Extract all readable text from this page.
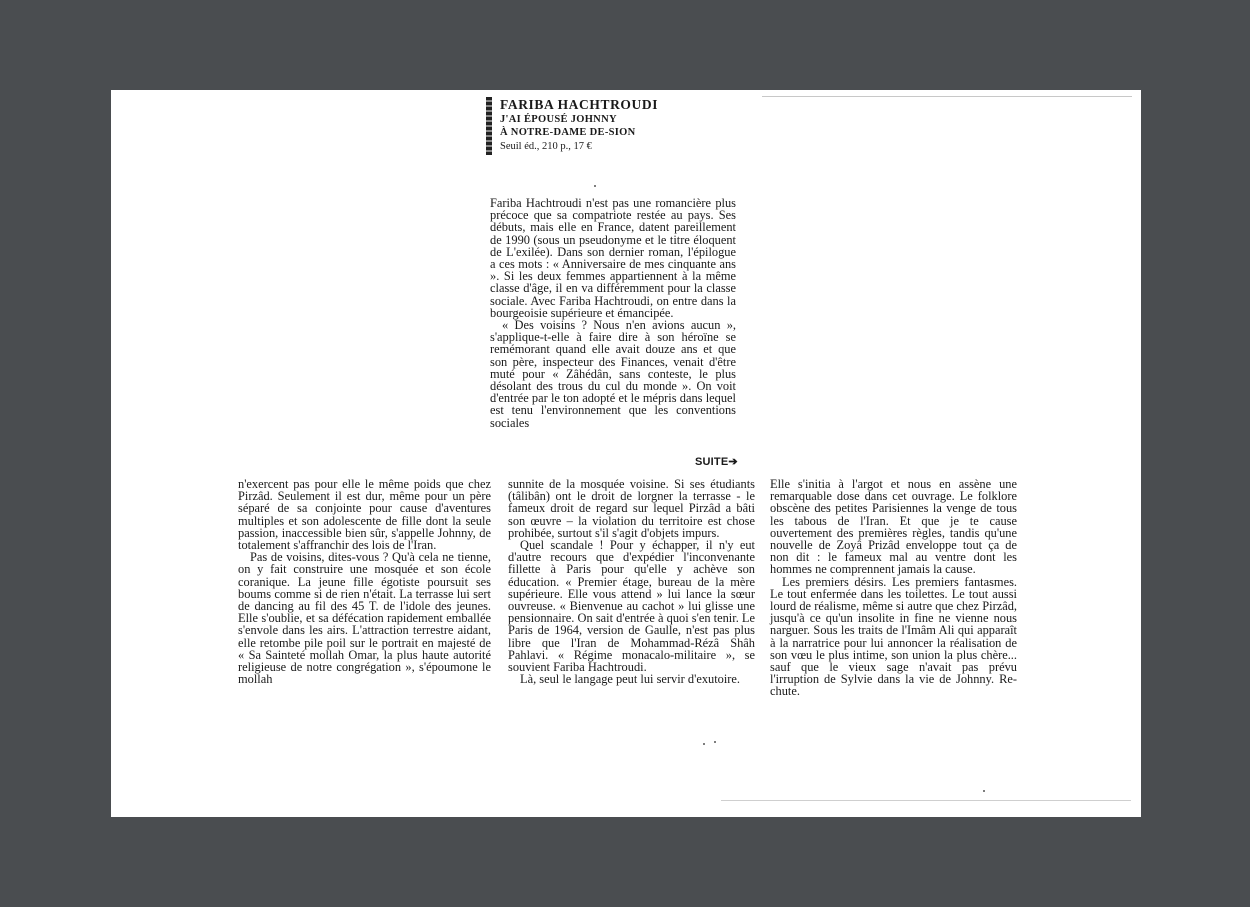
FARIBA HACHTROUDI
J'AI ÉPOUSÉ JOHNNY
À NOTRE-DAME DE-SION
Seuil éd., 210 p., 17 €

Fariba Hachtroudi n'est pas une romancière plus précoce que sa compatriote restée au pays. Ses débuts, mais elle en France, datent pareillement de 1990 (sous un pseudonyme et le titre éloquent de L'exilée). Dans son dernier roman, l'épilogue a ces mots : « Anniversaire de mes cinquante ans ». Si les deux femmes appartiennent à la même classe d'âge, il en va différemment pour la classe sociale. Avec Fariba Hachtroudi, on entre dans la bourgeoisie supérieure et émancipée.

« Des voisins ? Nous n'en avions aucun », s'applique-t-elle à faire dire à son héroïne se remémorant quand elle avait douze ans et que son père, inspecteur des Finances, venait d'être muté pour « Zâhédân, sans conteste, le plus désolant des trous du cul du monde ». On voit d'entrée par le ton adopté et le mépris dans lequel est tenu l'environnement que les conventions sociales

SUITE➔

n'exercent pas pour elle le même poids que chez Pirzâd. Seulement il est dur, même pour un père séparé de sa conjointe pour cause d'aventures multiples et son adolescente de fille dont la seule passion, inaccessible bien sûr, s'appelle Johnny, de totalement s'affranchir des lois de l'Iran.

Pas de voisins, dites-vous ? Qu'à cela ne tienne, on y fait construire une mosquée et son école coranique. La jeune fille égotiste poursuit ses boums comme si de rien n'était. La terrasse lui sert de dancing au fil des 45 T. de l'idole des jeunes. Elle s'oublie, et sa défécation rapidement emballée s'envole dans les airs. L'attraction terrestre aidant, elle retombe pile poil sur le portrait en majesté de « Sa Sainteté mollah Omar, la plus haute autorité religieuse de notre congrégation », s'époumone le mollah

sunnite de la mosquée voisine. Si ses étudiants (tâlibân) ont le droit de lorgner la terrasse - le fameux droit de regard sur lequel Pirzâd a bâti son œuvre – la violation du territoire est chose prohibée, surtout s'il s'agit d'objets impurs.

Quel scandale ! Pour y échapper, il n'y eut d'autre recours que d'expédier l'inconvenante fillette à Paris pour qu'elle y achève son éducation. « Premier étage, bureau de la mère supérieure. Elle vous attend » lui lance la sœur ouvreuse. « Bienvenue au cachot » lui glisse une pensionnaire. On sait d'entrée à quoi s'en tenir. Le Paris de 1964, version de Gaulle, n'est pas plus libre que l'Iran de Mohammad-Rézâ Shâh Pahlavi. « Régime monacalo-militaire », se souvient Fariba Hachtroudi.

Là, seul le langage peut lui servir d'exutoire.

Elle s'initia à l'argot et nous en assène une remarquable dose dans cet ouvrage. Le folklore obscène des petites Parisiennes la venge de tous les tabous de l'Iran. Et que je te cause ouvertement des premières règles, tandis qu'une nouvelle de Zoyâ Prizâd enveloppe tout ça de non dit : le fameux mal au ventre dont les hommes ne comprennent jamais la cause.

Les premiers désirs. Les premiers fantasmes. Le tout enfermée dans les toilettes. Le tout aussi lourd de réalisme, même si autre que chez Pirzâd, jusqu'à ce qu'un insolite in fine ne vienne nous narguer. Sous les traits de l'Imâm Ali qui apparaît à la narratrice pour lui annoncer la réalisation de son vœu le plus intime, son union la plus chère... sauf que le vieux sage n'avait pas prévu l'irruption de Sylvie dans la vie de Johnny. Re-chute.
